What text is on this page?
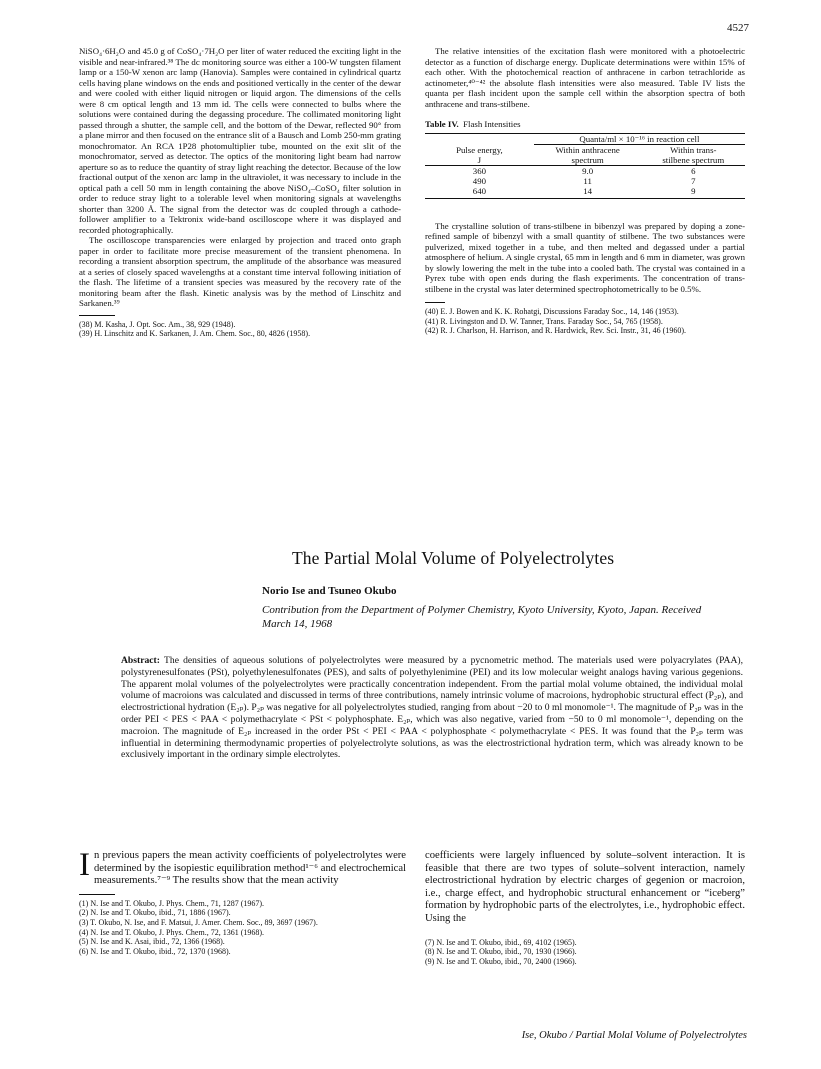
4527

NiSO₄·6H₂O and 45.0 g of CoSO₄·7H₂O per liter of water reduced the exciting light in the visible and near-infrared.³⁸ The dc monitoring source was either a 100-W tungsten filament lamp or a 150-W xenon arc lamp (Hanovia). Samples were contained in cylindrical quartz cells having plane windows on the ends and positioned vertically in the center of the dewar and were cooled with either liquid nitrogen or liquid argon. The dimensions of the cells were 8 cm optical length and 13 mm id. The cells were connected to bulbs where the solutions were contained during the degassing procedure. The collimated monitoring light passed through a shutter, the sample cell, and the bottom of the Dewar, reflected 90° from a plane mirror and then focused on the entrance slit of a Bausch and Lomb 250-mm grating monochromator. An RCA 1P28 photomultiplier tube, mounted on the exit slit of the monochromator, served as detector. The optics of the monitoring light beam had narrow aperture so as to reduce the quantity of stray light reaching the detector. Because of the low fractional output of the xenon arc lamp in the ultraviolet, it was necessary to include in the optical path a cell 50 mm in length containing the above NiSO₄–CoSO₄ filter solution in order to reduce stray light to a tolerable level when monitoring signals at wavelengths shorter than 3200 Å. The signal from the detector was dc coupled through a cathode-follower amplifier to a Tektronix wide-band oscilloscope where it was displayed and recorded photographically.

The oscilloscope transparencies were enlarged by projection and traced onto graph paper in order to facilitate more precise measurement of the transient phenomena. In recording a transient absorption spectrum, the amplitude of the absorbance was measured at a series of closely spaced wavelengths at a constant time interval following initiation of the flash. The lifetime of a transient species was measured by the recovery rate of the monitoring beam after the flash. Kinetic analysis was by the method of Linschitz and Sarkanen.³⁹

(38) M. Kasha, J. Opt. Soc. Am., 38, 929 (1948).
(39) H. Linschitz and K. Sarkanen, J. Am. Chem. Soc., 80, 4826 (1958).

The relative intensities of the excitation flash were monitored with a photoelectric detector as a function of discharge energy. Duplicate determinations were within 15% of each other. With the photochemical reaction of anthracene in carbon tetrachloride as actinometer,⁴⁰⁻⁴² the absolute flash intensities were also measured. Table IV lists the quanta per flash incident upon the sample cell within the absorption spectra of both anthracene and trans-stilbene.

Table IV. Flash Intensities
	Quanta/ml × 10⁻¹⁶ in reaction cell	
Pulse energy,	Within anthracene	Within trans-
J	spectrum	stilbene spectrum
360	9.0	6
490	11	7
640	14	9

The crystalline solution of trans-stilbene in bibenzyl was prepared by doping a zone-refined sample of bibenzyl with a small quantity of stilbene. The two substances were pulverized, mixed together in a tube, and then melted and degassed under a partial atmosphere of helium. A single crystal, 65 mm in length and 6 mm in diameter, was grown by slowly lowering the melt in the tube into a cooled bath. The crystal was contained in a Pyrex tube with open ends during the flash experiments. The concentration of trans-stilbene in the crystal was later determined spectrophotometrically to be 0.5%.

(40) E. J. Bowen and K. K. Rohatgi, Discussions Faraday Soc., 14, 146 (1953).
(41) R. Livingston and D. W. Tanner, Trans. Faraday Soc., 54, 765 (1958).
(42) R. J. Charlson, H. Harrison, and R. Hardwick, Rev. Sci. Instr., 31, 46 (1960).
The Partial Molal Volume of Polyelectrolytes
Norio Ise and Tsuneo Okubo
Contribution from the Department of Polymer Chemistry, Kyoto University, Kyoto, Japan. Received March 14, 1968
Abstract: The densities of aqueous solutions of polyelectrolytes were measured by a pycnometric method. The materials used were polyacrylates (PAA), polystyrenesulfonates (PSt), polyethylenesulfonates (PES), and salts of polyethylenimine (PEI) and its low molecular weight analogs having various gegenions. The apparent molal volumes of the polyelectrolytes were practically concentration independent. From the partial molal volume obtained, the individual molal volume of macroions was calculated and discussed in terms of three contributions, namely intrinsic volume of macroions, hydrophobic structural effect (P₂ₚ), and electrostrictional hydration (E₂ₚ). P₂ₚ was negative for all polyelectrolytes studied, ranging from about −20 to 0 ml monomole⁻¹. The magnitude of P₂ₚ was in the order PEI < PES < PAA < polymethacrylate < PSt < polyphosphate. E₂ₚ, which was also negative, varied from −50 to 0 ml monomole⁻¹, depending on the macroion. The magnitude of E₂ₚ increased in the order PSt < PEI < PAA < polyphosphate < polymethacrylate < PES. It was found that the P₂ₚ term was influential in determining thermodynamic properties of polyelectrolyte solutions, as was the electrostrictional hydration term, which was already known to be exclusively important in the ordinary simple electrolytes.
In previous papers the mean activity coefficients of polyelectrolytes were determined by the isopiestic equilibration method¹⁻⁶ and electrochemical measurements.⁷⁻⁹ The results show that the mean activity
(1) N. Ise and T. Okubo, J. Phys. Chem., 71, 1287 (1967).
(2) N. Ise and T. Okubo, ibid., 71, 1886 (1967).
(3) T. Okubo, N. Ise, and F. Matsui, J. Amer. Chem. Soc., 89, 3697 (1967).
(4) N. Ise and T. Okubo, J. Phys. Chem., 72, 1361 (1968).
(5) N. Ise and K. Asai, ibid., 72, 1366 (1968).
(6) N. Ise and T. Okubo, ibid., 72, 1370 (1968).
coefficients were largely influenced by solute–solvent interaction. It is feasible that there are two types of solute–solvent interaction, namely electrostrictional hydration by electric charges of gegenion or macroion, i.e., charge effect, and hydrophobic structural enhancement or “iceberg” formation by hydrophobic parts of the electrolytes, i.e., hydrophobic effect. Using the
(7) N. Ise and T. Okubo, ibid., 69, 4102 (1965).
(8) N. Ise and T. Okubo, ibid., 70, 1930 (1966).
(9) N. Ise and T. Okubo, ibid., 70, 2400 (1966).
Ise, Okubo / Partial Molal Volume of Polyelectrolytes
